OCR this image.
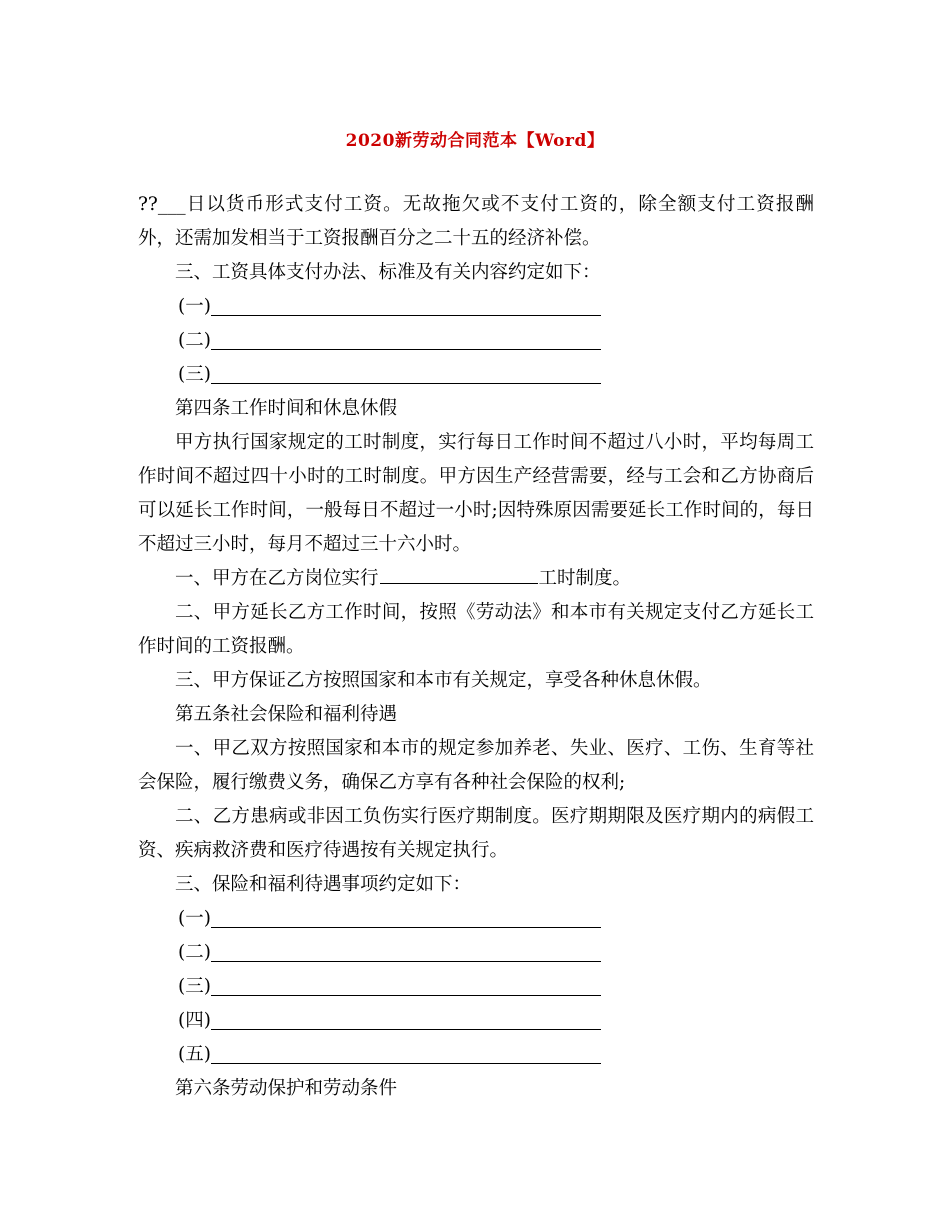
2020新劳动合同范本【Word】

??___日以货币形式支付工资。无故拖欠或不支付工资的，除全额支付工资报酬外，还需加发相当于工资报酬百分之二十五的经济补偿。

三、工资具体支付办法、标准及有关内容约定如下：

(一)
(二)
(三)

第四条工作时间和休息休假

甲方执行国家规定的工时制度，实行每日工作时间不超过八小时，平均每周工作时间不超过四十小时的工时制度。甲方因生产经营需要，经与工会和乙方协商后可以延长工作时间，一般每日不超过一小时;因特殊原因需要延长工作时间的，每日不超过三小时，每月不超过三十六小时。

一、甲方在乙方岗位实行	工时制度。

二、甲方延长乙方工作时间，按照《劳动法》和本市有关规定支付乙方延长工作时间的工资报酬。

三、甲方保证乙方按照国家和本市有关规定，享受各种休息休假。

第五条社会保险和福利待遇

一、甲乙双方按照国家和本市的规定参加养老、失业、医疗、工伤、生育等社会保险，履行缴费义务，确保乙方享有各种社会保险的权利;

二、乙方患病或非因工负伤实行医疗期制度。医疗期期限及医疗期内的病假工资、疾病救济费和医疗待遇按有关规定执行。

三、保险和福利待遇事项约定如下：

(一)
(二)
(三)
(四)
(五)

第六条劳动保护和劳动条件
